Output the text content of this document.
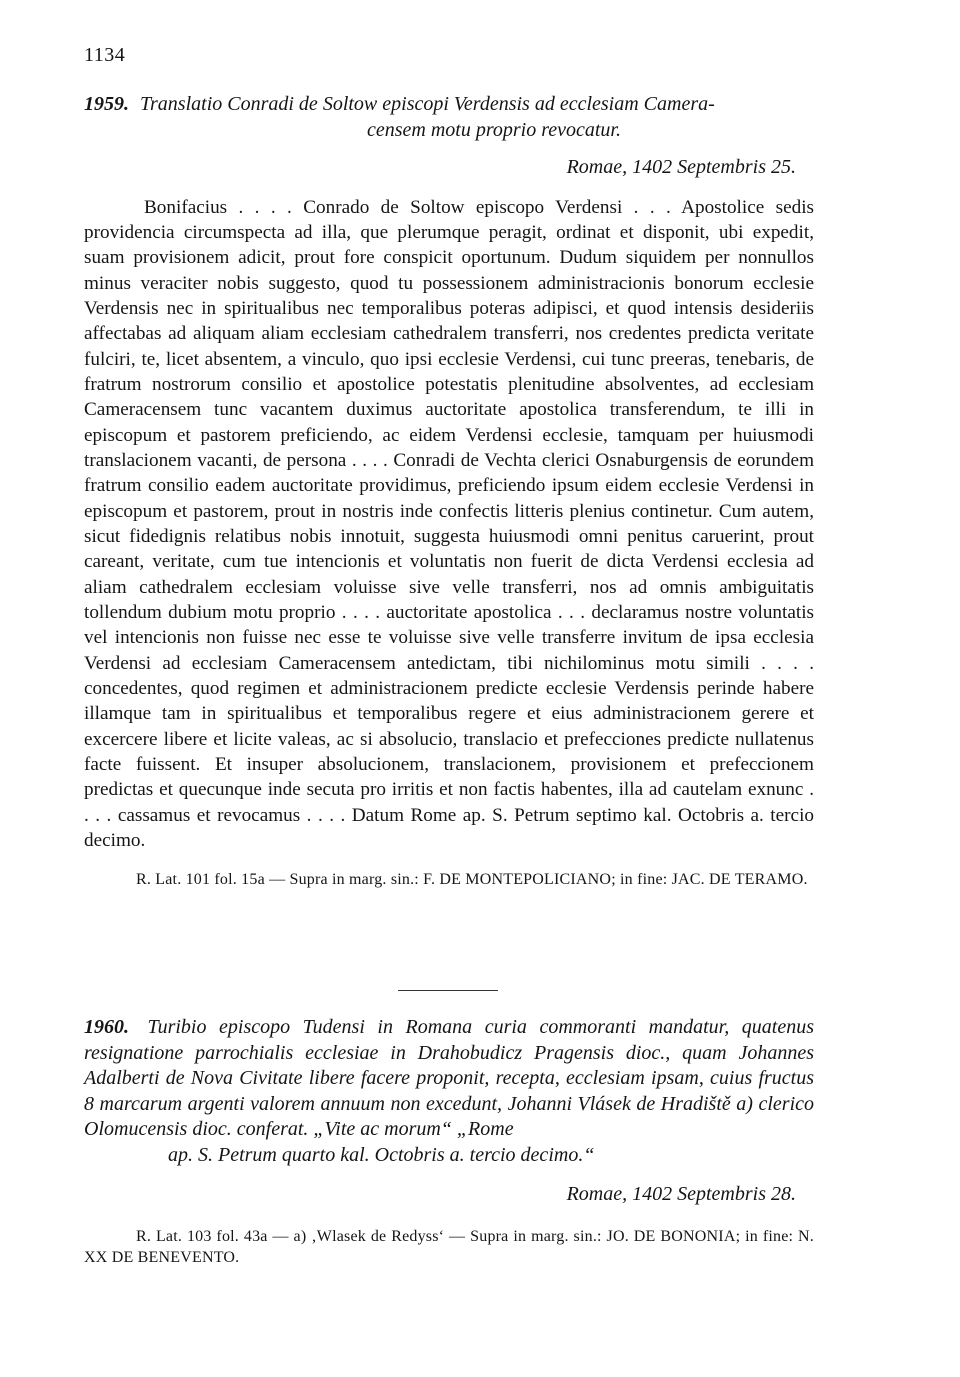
1134
1959. Translatio Conradi de Soltow episcopi Verdensis ad ecclesiam Camera-
censem motu proprio revocatur.
Romae, 1402 Septembris 25.
Bonifacius . . . . Conrado de Soltow episcopo Verdensi . . . Apostolice sedis providencia circumspecta ad illa, que plerumque peragit, ordinat et disponit, ubi expedit, suam provisionem adicit, prout fore conspicit oportunum. Dudum siquidem per nonnullos minus veraciter nobis suggesto, quod tu possessionem administracionis bonorum ecclesie Verdensis nec in spiritualibus nec temporalibus poteras adipisci, et quod intensis desideriis affectabas ad aliquam aliam ecclesiam cathedralem transferri, nos credentes predicta veritate fulciri, te, licet absentem, a vinculo, quo ipsi ecclesie Verdensi, cui tunc preeras, tenebaris, de fratrum nostrorum consilio et apostolice potestatis plenitudine absolventes, ad ecclesiam Cameracensem tunc vacantem duximus auctoritate apostolica transferendum, te illi in episcopum et pastorem preficiendo, ac eidem Verdensi ecclesie, tamquam per huiusmodi translacionem vacanti, de persona . . . . Conradi de Vechta clerici Osnaburgensis de eorundem fratrum consilio eadem auctoritate providimus, preficiendo ipsum eidem ecclesie Verdensi in episcopum et pastorem, prout in nostris inde confectis litteris plenius continetur. Cum autem, sicut fidedignis relatibus nobis innotuit, suggesta huiusmodi omni penitus caruerint, prout careant, veritate, cum tue intencionis et voluntatis non fuerit de dicta Verdensi ecclesia ad aliam cathedralem ecclesiam voluisse sive velle transferri, nos ad omnis ambiguitatis tollendum dubium motu proprio . . . . auctoritate apostolica . . . declaramus nostre voluntatis vel intencionis non fuisse nec esse te voluisse sive velle transferre invitum de ipsa ecclesia Verdensi ad ecclesiam Cameracensem antedictam, tibi nichilominus motu simili . . . . concedentes, quod regimen et administracionem predicte ecclesie Verdensis perinde habere illamque tam in spiritualibus et temporalibus regere et eius administracionem gerere et excercere libere et licite valeas, ac si absolucio, translacio et prefecciones predicte nullatenus facte fuissent. Et insuper absolucionem, translacionem, provisionem et prefeccionem predictas et quecunque inde secuta pro irritis et non factis habentes, illa ad cautelam exnunc . . . . cassamus et revocamus . . . . Datum Rome ap. S. Petrum septimo kal. Octobris a. tercio decimo.
R. Lat. 101 fol. 15a — Supra in marg. sin.: F. DE MONTEPOLICIANO; in fine: JAC. DE TERAMO.
1960. Turibio episcopo Tudensi in Romana curia commoranti mandatur, quatenus resignatione parrochialis ecclesiae in Drahobudicz Pragensis dioc., quam Johannes Adalberti de Nova Civitate libere facere proponit, recepta, ecclesiam ipsam, cuius fructus 8 marcarum argenti valorem annuum non excedunt, Johanni Vlásek de Hradiště a) clerico Olomucensis dioc. conferat. „Vite ac morum“ „Rome
ap. S. Petrum quarto kal. Octobris a. tercio decimo.“
Romae, 1402 Septembris 28.
R. Lat. 103 fol. 43a — a) ‚Wlasek de Redyss‘ — Supra in marg. sin.: JO. DE BONONIA; in fine: N. XX DE BENEVENTO.
